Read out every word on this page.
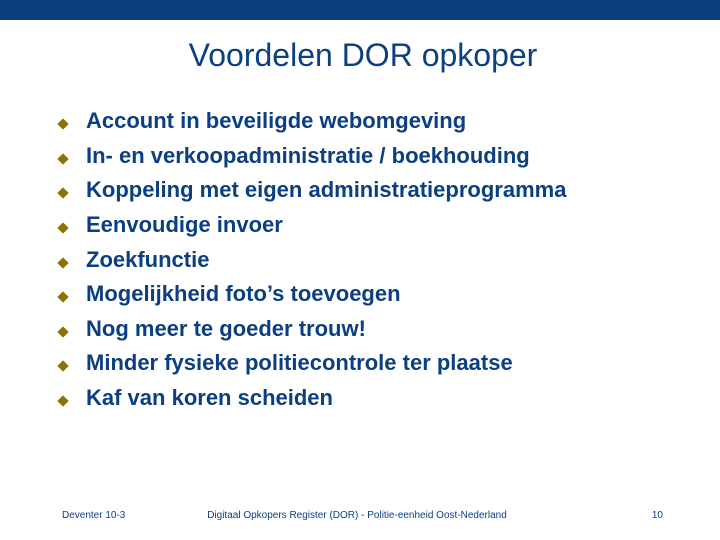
Voordelen DOR opkoper
Account in beveiligde webomgeving
In- en verkoopadministratie / boekhouding
Koppeling met eigen administratieprogramma
Eenvoudige invoer
Zoekfunctie
Mogelijkheid foto’s toevoegen
Nog meer te goeder trouw!
Minder fysieke politiecontrole ter plaatse
Kaf van koren scheiden
Deventer 10-3	Digitaal Opkopers Register (DOR) - Politie-eenheid Oost-Nederland	10
